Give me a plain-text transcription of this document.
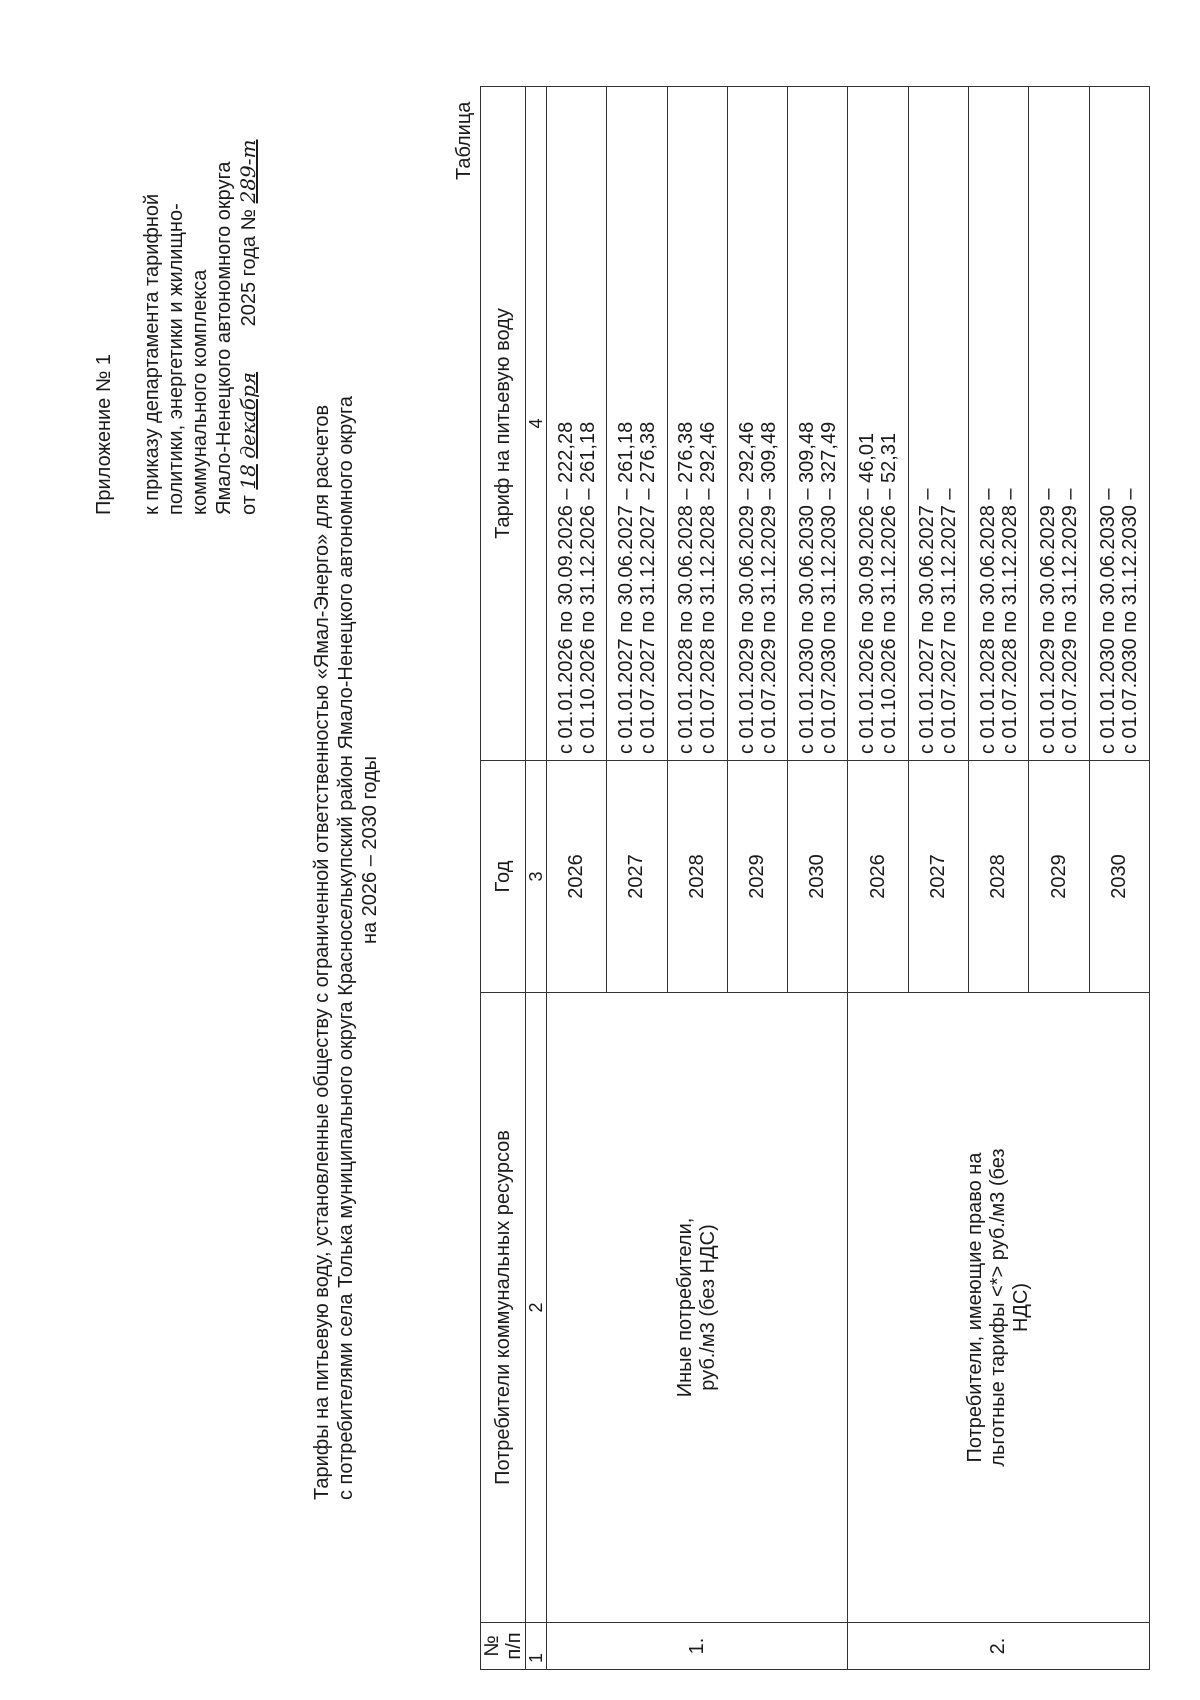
Приложение № 1 к приказу департамента тарифной политики, энергетики и жилищно- коммунального комплекса Ямало-Ненецкого автономного округа от 18 декабря 2025 года № 289-т
Тарифы на питьевую воду, установленные обществу с ограниченной ответственностью «Ямал-Энерго» для расчетов с потребителями села Толька муниципального округа Красноселькупский район Ямало-Ненецкого автономного округа на 2026 – 2030 годы
Таблица
№ п/п	Потребители коммунальных ресурсов	Год	Тариф на питьевую воду
1	2	3	4
1.	Иные потребители, руб./м3 (без НДС)	2026	с 01.01.2026 по 30.09.2026 – 222,28 с 01.10.2026 по 31.12.2026 – 261,18

		2027	с 01.01.2027 по 30.06.2027 – 261,18 с 01.07.2027 по 31.12.2027 – 276,38

		2028	с 01.01.2028 по 30.06.2028 – 276,38 с 01.07.2028 по 31.12.2028 – 292,46

		2029	с 01.01.2029 по 30.06.2029 – 292,46 с 01.07.2029 по 31.12.2029 – 309,48

		2030	с 01.01.2030 по 30.06.2030 – 309,48 с 01.07.2030 по 31.12.2030 – 327,49

2.	Потребители, имеющие право на льготные тарифы <*> руб./м3 (без НДС)	2026	с 01.01.2026 по 30.09.2026 – 46,01 с 01.10.2026 по 31.12.2026 – 52,31

		2027	с 01.01.2027 по 30.06.2027 – с 01.07.2027 по 31.12.2027 –

		2028	с 01.01.2028 по 30.06.2028 – с 01.07.2028 по 31.12.2028 –

		2029	с 01.01.2029 по 30.06.2029 – с 01.07.2029 по 31.12.2029 –

		2030	с 01.01.2030 по 30.06.2030 – с 01.07.2030 по 31.12.2030 –
